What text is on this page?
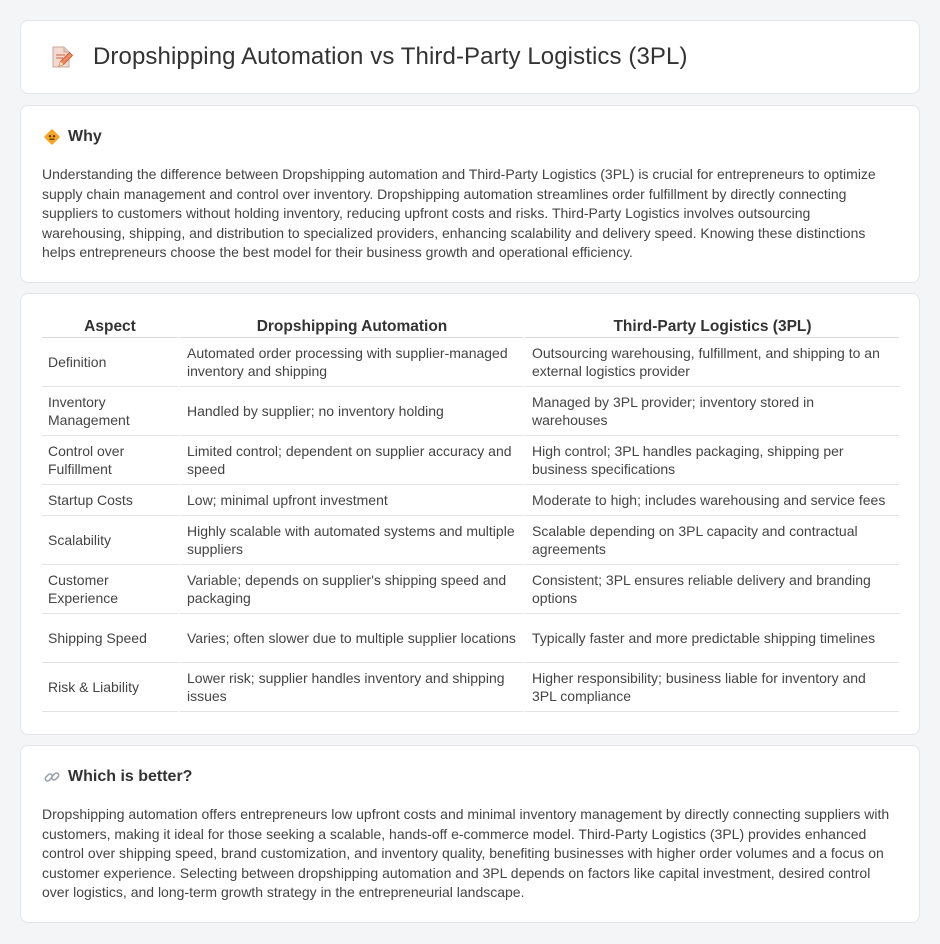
Dropshipping Automation vs Third-Party Logistics (3PL)
Why

Understanding the difference between Dropshipping automation and Third-Party Logistics (3PL) is crucial for entrepreneurs to optimize supply chain management and control over inventory. Dropshipping automation streamlines order fulfillment by directly connecting suppliers to customers without holding inventory, reducing upfront costs and risks. Third-Party Logistics involves outsourcing warehousing, shipping, and distribution to specialized providers, enhancing scalability and delivery speed. Knowing these distinctions helps entrepreneurs choose the best model for their business growth and operational efficiency.

Aspect	Dropshipping Automation	Third-Party Logistics (3PL)
Definition	Automated order processing with supplier-managed inventory and shipping	Outsourcing warehousing, fulfillment, and shipping to an external logistics provider
Inventory Management	Handled by supplier; no inventory holding	Managed by 3PL provider; inventory stored in warehouses
Control over Fulfillment	Limited control; dependent on supplier accuracy and speed	High control; 3PL handles packaging, shipping per business specifications
Startup Costs	Low; minimal upfront investment	Moderate to high; includes warehousing and service fees
Scalability	Highly scalable with automated systems and multiple suppliers	Scalable depending on 3PL capacity and contractual agreements
Customer Experience	Variable; depends on supplier's shipping speed and packaging	Consistent; 3PL ensures reliable delivery and branding options
Shipping Speed	Varies; often slower due to multiple supplier locations	Typically faster and more predictable shipping timelines
Risk & Liability	Lower risk; supplier handles inventory and shipping issues	Higher responsibility; business liable for inventory and 3PL compliance
Which is better?

Dropshipping automation offers entrepreneurs low upfront costs and minimal inventory management by directly connecting suppliers with customers, making it ideal for those seeking a scalable, hands-off e-commerce model. Third-Party Logistics (3PL) provides enhanced control over shipping speed, brand customization, and inventory quality, benefiting businesses with higher order volumes and a focus on customer experience. Selecting between dropshipping automation and 3PL depends on factors like capital investment, desired control over logistics, and long-term growth strategy in the entrepreneurial landscape.
